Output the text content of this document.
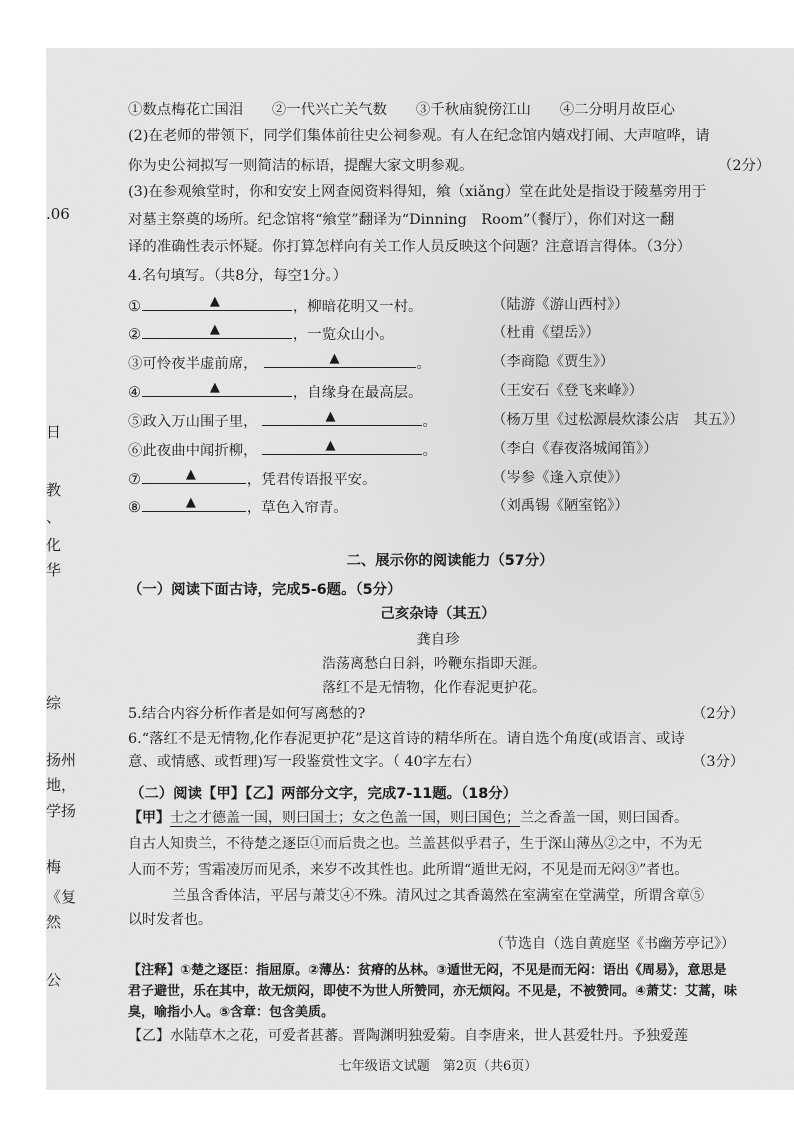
.06
日
教
、
化
华
综
扬州
地，
学扬
梅
《复
然
公
①数点梅花亡国泪　　②一代兴亡关气数　　③千秋庙貌傍江山　　④二分明月故臣心
(2)在老师的带领下，同学们集体前往史公祠参观。有人在纪念馆内嬉戏打闹、大声喧哗，请
你为史公祠拟写一则简洁的标语，提醒大家文明参观。	（2分）
(3)在参观飨堂时，你和安安上网查阅资料得知，飨（xiǎng）堂在此处是指设于陵墓旁用于
对墓主祭奠的场所。纪念馆将“飨堂”翻译为“Dinning　Room”（餐厅），你们对这一翻
译的准确性表示怀疑。你打算怎样向有关工作人员反映这个问题？注意语言得体。（3分）
4.名句填写。（共8分，每空1分。）
①	▲	，柳暗花明又一村。	（陆游《游山西村》）
②	▲	，一览众山小。	（杜甫《望岳》）
③可怜夜半虚前席，	▲	。	（李商隐《贾生》）
④	▲	，自缘身在最高层。	（王安石《登飞来峰》）
⑤政入万山围子里，	▲	。	（杨万里《过松源晨炊漆公店　其五》）
⑥此夜曲中闻折柳，	▲	。	（李白《春夜洛城闻笛》）
⑦	▲	，凭君传语报平安。	（岑参《逢入京使》）
⑧	▲	，草色入帘青。	（刘禹锡《陋室铭》）
二、展示你的阅读能力（57分）
（一）阅读下面古诗，完成5-6题。（5分）
己亥杂诗（其五）
龚自珍
浩荡离愁白日斜，吟鞭东指即天涯。
落红不是无情物，化作春泥更护花。
5.结合内容分析作者是如何写离愁的?	（2分）
6.“落红不是无情物,化作春泥更护花”是这首诗的精华所在。请自选个角度(或语言、或诗
意、或情感、或哲理)写一段鉴赏性文字。（ 40字左右）	（3分）
（二）阅读【甲】【乙】两部分文字，完成7-11题。（18分）
【甲】士之才德盖一国，则曰国士；女之色盖一国，则曰国色；兰之香盖一国，则曰国香。
自古人知贵兰，不待楚之逐臣①而后贵之也。兰盖甚似乎君子，生于深山薄丛②之中，不为无
人而不芳；雪霜凌厉而见杀，来岁不改其性也。此所谓“遁世无闷，不见是而无闷③”者也。
兰虽含香体洁，平居与萧艾④不殊。清风过之其香蔼然在室满室在堂满堂，所谓含章⑤
以时发者也。
（节选自（选自黄庭坚《书幽芳亭记》）
【注释】①楚之逐臣：指屈原。②薄丛：贫瘠的丛林。③遁世无闷，不见是而无闷：语出《周易》，意思是
君子避世，乐在其中，故无烦闷，即使不为世人所赞同，亦无烦闷。不见是，不被赞同。④萧艾：艾蒿，味
臭，喻指小人。⑤含章：包含美质。
【乙】水陆草木之花，可爱者甚蕃。晋陶渊明独爱菊。自李唐来，世人甚爱牡丹。予独爱莲
七年级语文试题　第2页（共6页）
